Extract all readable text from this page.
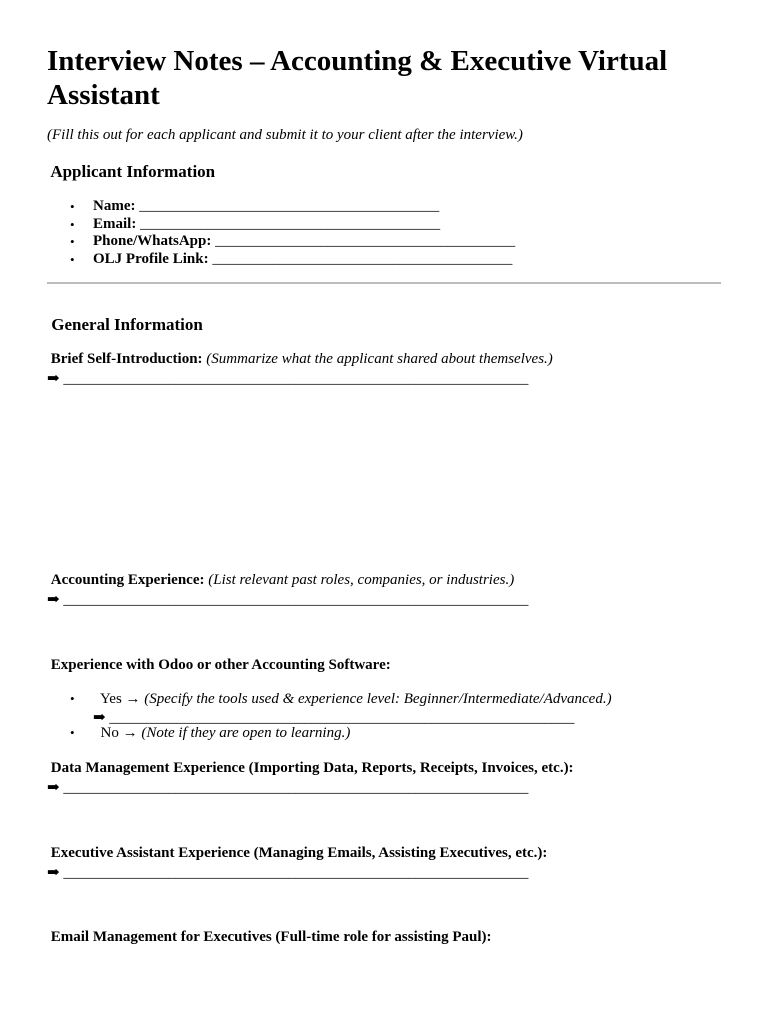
Interview Notes – Accounting & Executive Virtual Assistant
(Fill this out for each applicant and submit it to your client after the interview.)
Applicant Information
• Name: ________________________________________
• Email: ________________________________________
• Phone/WhatsApp: ________________________________________
• OLJ Profile Link: ________________________________________
General Information
Brief Self-Introduction: (Summarize what the applicant shared about themselves.)
➡ ______________________________________________________________
Accounting Experience: (List relevant past roles, companies, or industries.)
➡ ______________________________________________________________
Experience with Odoo or other Accounting Software:
• Yes → (Specify the tools used & experience level: Beginner/Intermediate/Advanced.)
➡ ______________________________________________________________
• No → (Note if they are open to learning.)
Data Management Experience (Importing Data, Reports, Receipts, Invoices, etc.):
➡ ______________________________________________________________
Executive Assistant Experience (Managing Emails, Assisting Executives, etc.):
➡ ______________________________________________________________
Email Management for Executives (Full-time role for assisting Paul):
